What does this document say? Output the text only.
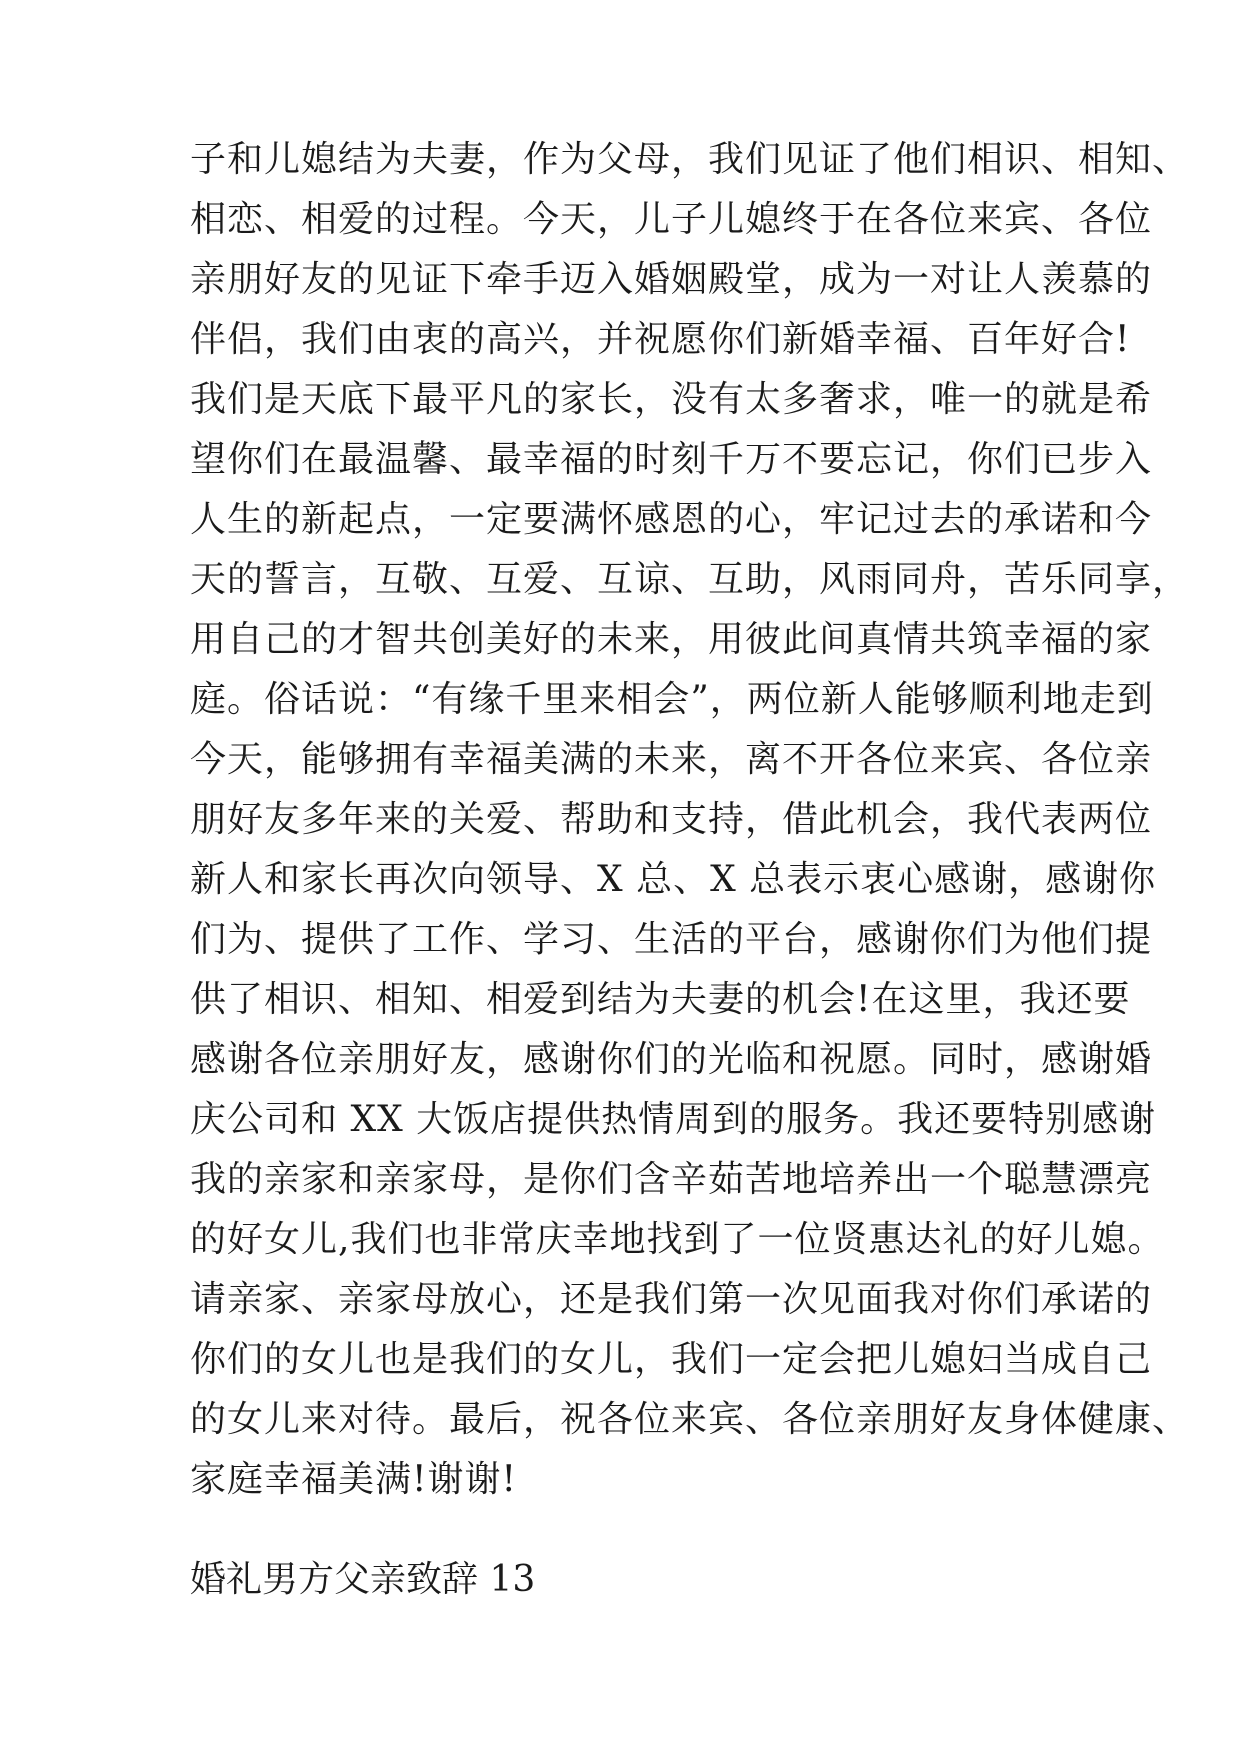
子和儿媳结为夫妻，作为父母，我们见证了他们相识、相知、
相恋、相爱的过程。今天，儿子儿媳终于在各位来宾、各位
亲朋好友的见证下牵手迈入婚姻殿堂，成为一对让人羡慕的
伴侣，我们由衷的高兴，并祝愿你们新婚幸福、百年好合!
我们是天底下最平凡的家长，没有太多奢求，唯一的就是希
望你们在最温馨、最幸福的时刻千万不要忘记，你们已步入
人生的新起点，一定要满怀感恩的心，牢记过去的承诺和今
天的誓言，互敬、互爱、互谅、互助，风雨同舟，苦乐同享，
用自己的才智共创美好的未来，用彼此间真情共筑幸福的家
庭。俗话说：“有缘千里来相会”，两位新人能够顺利地走到
今天，能够拥有幸福美满的未来，离不开各位来宾、各位亲
朋好友多年来的关爱、帮助和支持，借此机会，我代表两位
新人和家长再次向领导、X 总、X 总表示衷心感谢，感谢你
们为、提供了工作、学习、生活的平台，感谢你们为他们提
供了相识、相知、相爱到结为夫妻的机会!在这里，我还要
感谢各位亲朋好友，感谢你们的光临和祝愿。同时，感谢婚
庆公司和 XX 大饭店提供热情周到的服务。我还要特别感谢
我的亲家和亲家母，是你们含辛茹苦地培养出一个聪慧漂亮
的好女儿,我们也非常庆幸地找到了一位贤惠达礼的好儿媳。
请亲家、亲家母放心，还是我们第一次见面我对你们承诺的
你们的女儿也是我们的女儿，我们一定会把儿媳妇当成自己
的女儿来对待。最后，祝各位来宾、各位亲朋好友身体健康、
家庭幸福美满!谢谢!
婚礼男方父亲致辞 13
